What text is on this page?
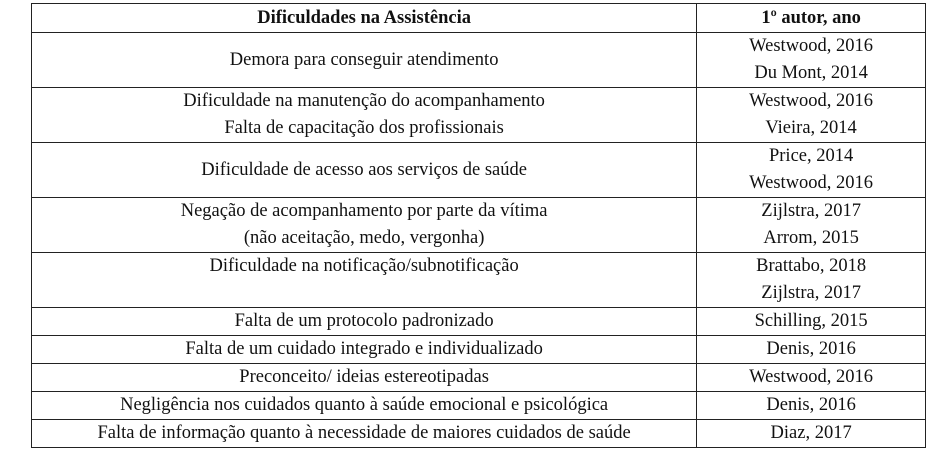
Dificuldades na Assistência	1º autor, ano

Demora para conseguir atendimento	Westwood, 2016
Du Mont, 2014

Dificuldade na manutenção do acompanhamento
Falta de capacitação dos profissionais	Westwood, 2016
Vieira, 2014

Dificuldade de acesso aos serviços de saúde	Price, 2014
Westwood, 2016

Negação de acompanhamento por parte da vítima
(não aceitação, medo, vergonha)	Zijlstra, 2017
Arrom, 2015

Dificuldade na notificação/subnotificação	Brattabo, 2018
Zijlstra, 2017

Falta de um protocolo padronizado	Schilling, 2015

Falta de um cuidado integrado e individualizado	Denis, 2016

Preconceito/ ideias estereotipadas	Westwood, 2016

Negligência nos cuidados quanto à saúde emocional e psicológica	Denis, 2016

Falta de informação quanto à necessidade de maiores cuidados de saúde	Diaz, 2017
